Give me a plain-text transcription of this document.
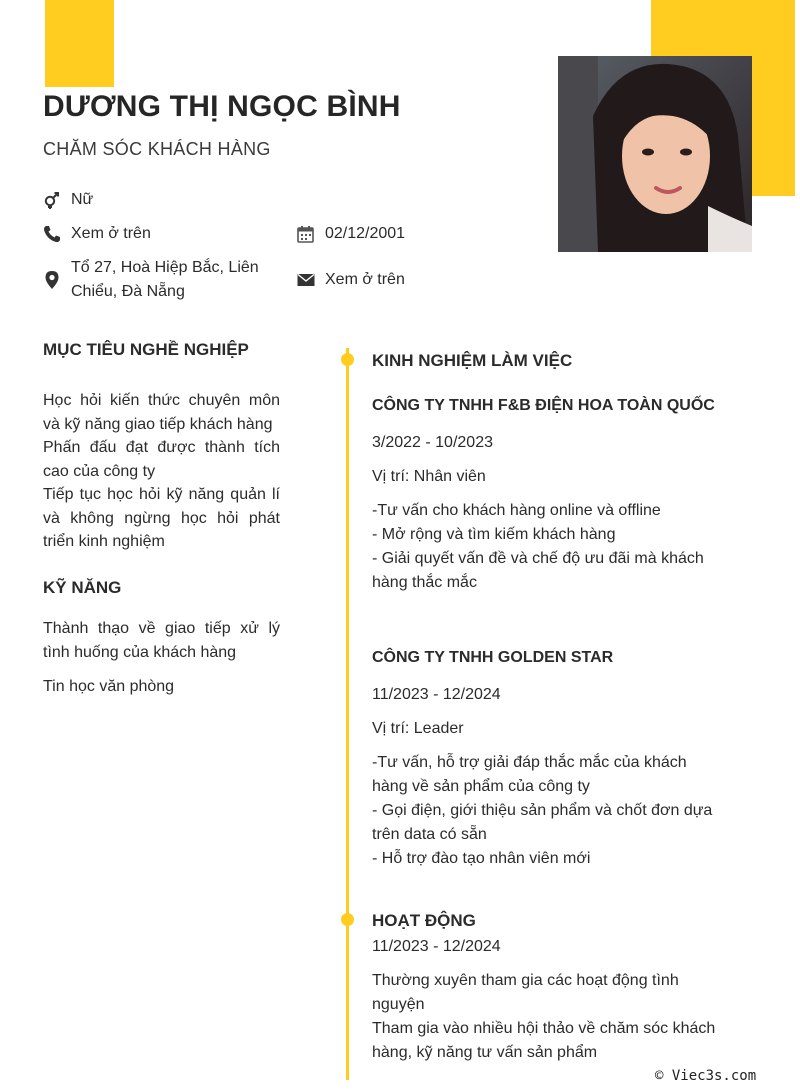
DƯƠNG THỊ NGỌC BÌNH
CHĂM SÓC KHÁCH HÀNG
Nữ
Xem ở trên	02/12/2001
Tổ 27, Hoà Hiệp Bắc, Liên Chiểu, Đà Nẵng
Xem ở trên
MỤC TIÊU NGHỀ NGHIỆP
Học hỏi kiến thức chuyên môn và kỹ năng giao tiếp khách hàng
Phấn đấu đạt được thành tích cao của công ty
Tiếp tục học hỏi kỹ năng quản lí và không ngừng học hỏi phát triển kinh nghiệm
KỸ NĂNG
Thành thạo về giao tiếp xử lý tình huống của khách hàng
Tin học văn phòng
KINH NGHIỆM LÀM VIỆC
CÔNG TY TNHH F&B ĐIỆN HOA TOÀN QUỐC
3/2022 - 10/2023
Vị trí: Nhân viên
-Tư vấn cho khách hàng online và offline
- Mở rộng và tìm kiếm khách hàng
- Giải quyết vấn đề và chế độ ưu đãi mà khách hàng thắc mắc
CÔNG TY TNHH GOLDEN STAR
11/2023 - 12/2024
Vị trí: Leader
-Tư vấn, hỗ trợ giải đáp thắc mắc của khách hàng về sản phẩm của công ty
- Gọi điện, giới thiệu sản phẩm và chốt đơn dựa trên data có sẵn
- Hỗ trợ đào tạo nhân viên mới
HOẠT ĐỘNG
11/2023 - 12/2024
Thường xuyên tham gia các hoạt động tình nguyện
Tham gia vào nhiều hội thảo về chăm sóc khách hàng, kỹ năng tư vấn sản phẩm
© Viec3s.com
